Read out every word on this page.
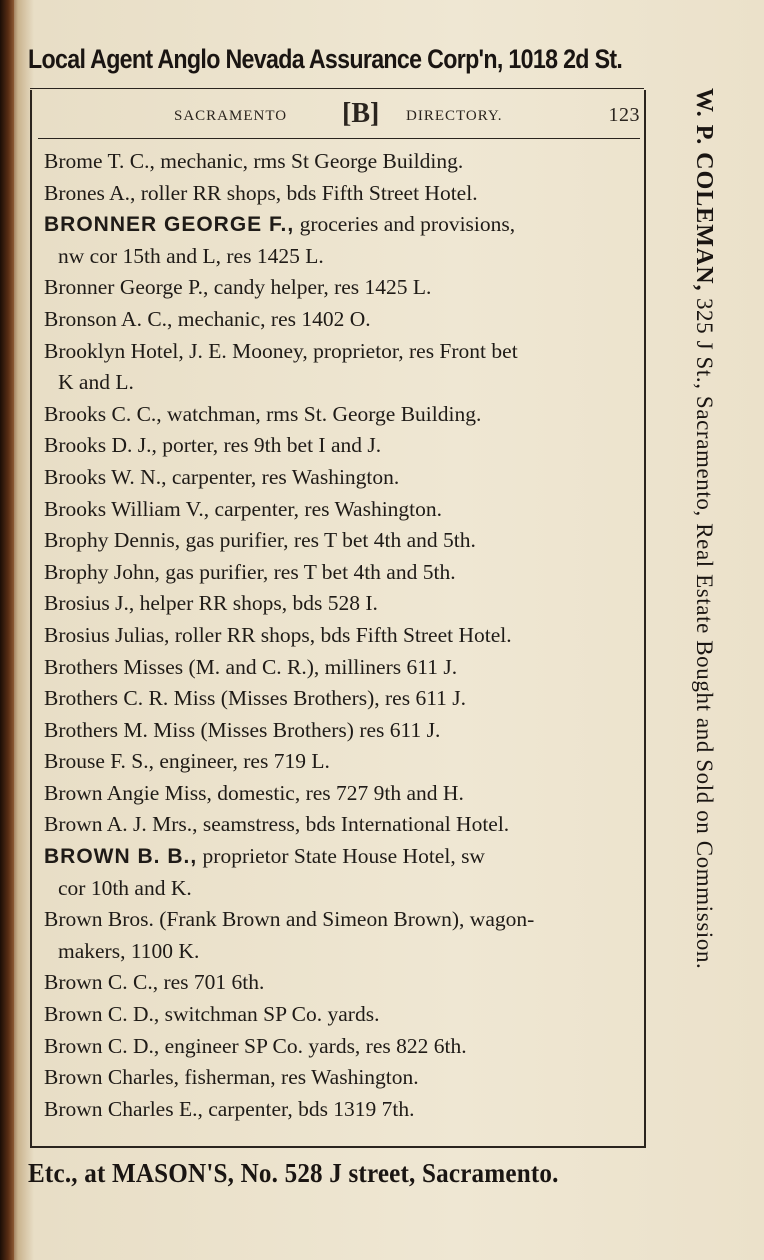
Local Agent Anglo Nevada Assurance Corp'n, 1018 2d St.
SACRAMENTO [B] DIRECTORY.	123
Brome T. C., mechanic, rms St George Building.
Brones A., roller RR shops, bds Fifth Street Hotel.
BRONNER GEORGE F., groceries and provisions,
nw cor 15th and L, res 1425 L.
Bronner George P., candy helper, res 1425 L.
Bronson A. C., mechanic, res 1402 O.
Brooklyn Hotel, J. E. Mooney, proprietor, res Front bet
K and L.
Brooks C. C., watchman, rms St. George Building.
Brooks D. J., porter, res 9th bet I and J.
Brooks W. N., carpenter, res Washington.
Brooks William V., carpenter, res Washington.
Brophy Dennis, gas purifier, res T bet 4th and 5th.
Brophy John, gas purifier, res T bet 4th and 5th.
Brosius J., helper RR shops, bds 528 I.
Brosius Julias, roller RR shops, bds Fifth Street Hotel.
Brothers Misses (M. and C. R.), milliners 611 J.
Brothers C. R. Miss (Misses Brothers), res 611 J.
Brothers M. Miss (Misses Brothers) res 611 J.
Brouse F. S., engineer, res 719 L.
Brown Angie Miss, domestic, res 727 9th and H.
Brown A. J. Mrs., seamstress, bds International Hotel.
BROWN B. B., proprietor State House Hotel, sw
cor 10th and K.
Brown Bros. (Frank Brown and Simeon Brown), wagon-
makers, 1100 K.
Brown C. C., res 701 6th.
Brown C. D., switchman SP Co. yards.
Brown C. D., engineer SP Co. yards, res 822 6th.
Brown Charles, fisherman, res Washington.
Brown Charles E., carpenter, bds 1319 7th.
W. P. COLEMAN, 325 J St., Sacramento, Real Estate Bought and Sold on Commission.
Etc., at MASON'S, No. 528 J street, Sacramento.
